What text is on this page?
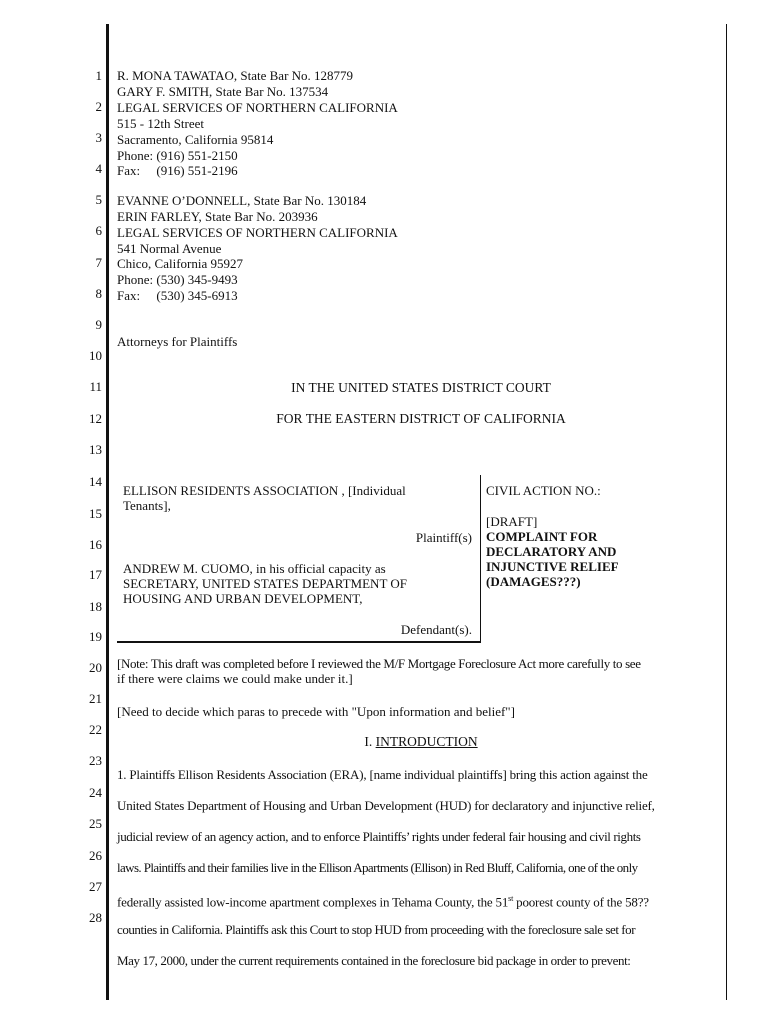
1
2
3
4
5
6
7
8
9
10
11
12
13
14
15
16
17
18
19
20
21
22
23
24
25
26
27
28
R. MONA TAWATAO, State Bar No. 128779
GARY F. SMITH, State Bar No. 137534
LEGAL SERVICES OF NORTHERN CALIFORNIA
515 - 12th Street
Sacramento, California 95814
Phone: (916) 551-2150
Fax:     (916) 551-2196
EVANNE O’DONNELL, State Bar No. 130184
ERIN FARLEY, State Bar No. 203936
LEGAL SERVICES OF NORTHERN CALIFORNIA
541 Normal Avenue
Chico, California 95927
Phone: (530) 345-9493
Fax:     (530) 345-6913
Attorneys for Plaintiffs
IN THE UNITED STATES DISTRICT COURT
FOR THE EASTERN DISTRICT OF CALIFORNIA
ELLISON RESIDENTS ASSOCIATION , [Individual
Tenants],
Plaintiff(s)
ANDREW M. CUOMO, in his official capacity as
SECRETARY, UNITED STATES DEPARTMENT OF
HOUSING AND URBAN DEVELOPMENT,
Defendant(s).
CIVIL ACTION NO.:
[DRAFT]
COMPLAINT FOR
DECLARATORY AND
INJUNCTIVE RELIEF
(DAMAGES???)
[Note: This draft was completed before I reviewed the M/F Mortgage Foreclosure Act more carefully to see
if there were claims we could make under it.]
[Need to decide which paras to precede with "Upon information and belief"]
I. INTRODUCTION
1. Plaintiffs Ellison Residents Association (ERA), [name individual plaintiffs] bring this action against the
United States Department of Housing and Urban Development (HUD) for declaratory and injunctive relief,
judicial review of an agency action, and to enforce Plaintiffs’ rights under federal fair housing and civil rights
laws. Plaintiffs and their families live in the Ellison Apartments (Ellison) in Red Bluff, California, one of the only
federally assisted low-income apartment complexes in Tehama County, the 51st poorest county of the 58??
counties in California. Plaintiffs ask this Court to stop HUD from proceeding with the foreclosure sale set for
May 17, 2000, under the current requirements contained in the foreclosure bid package in order to prevent:
